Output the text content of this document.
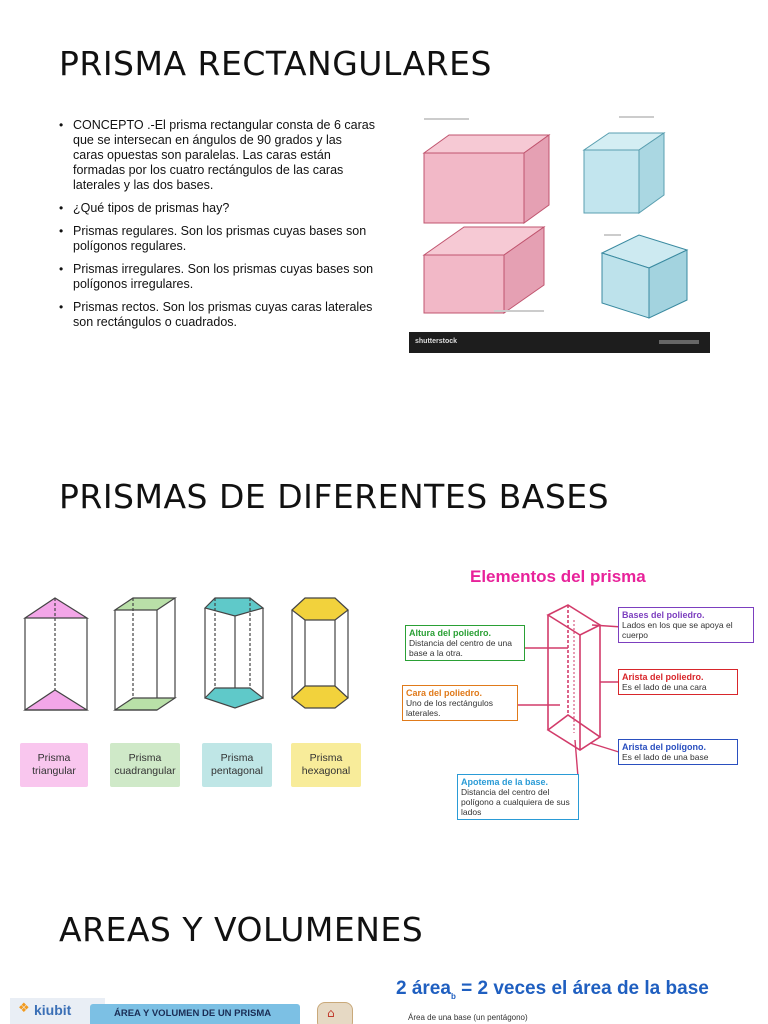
PRISMA RECTANGULARES
• CONCEPTO .-El prisma rectangular consta de 6 caras que se intersecan en ángulos de 90 grados y las caras opuestas son paralelas. Las caras están formadas por los cuatro rectángulos de las caras laterales y las dos bases.
• ¿Qué tipos de prismas hay?
• Prismas regulares. Son los prismas cuyas bases son polígonos regulares.
• Prismas irregulares. Son los prismas cuyas bases son polígonos irregulares.
• Prismas rectos. Son los prismas cuyas caras laterales son rectángulos o cuadrados.
shutterstock
PRISMAS DE DIFERENTES BASES
Prisma triangular
Prisma cuadrangular
Prisma pentagonal
Prisma hexagonal
Elementos del prisma
Altura del poliedro.
Distancia del centro de una base a la otra.
Bases del poliedro.
Lados en los que se apoya el cuerpo
Arista del poliedro.
Es el lado de una cara
Cara del poliedro.
Uno de los rectángulos laterales.
Arista del polígono.
Es el lado de una base
Apotema de la base.
Distancia del centro del polígono a cualquiera de sus lados
AREAS Y VOLUMENES
❖ kiubit	ÁREA Y VOLUMEN DE UN PRISMA	⌂
2 área$_b$ = 2 veces el área de la base
Área de una base (un pentágono)
